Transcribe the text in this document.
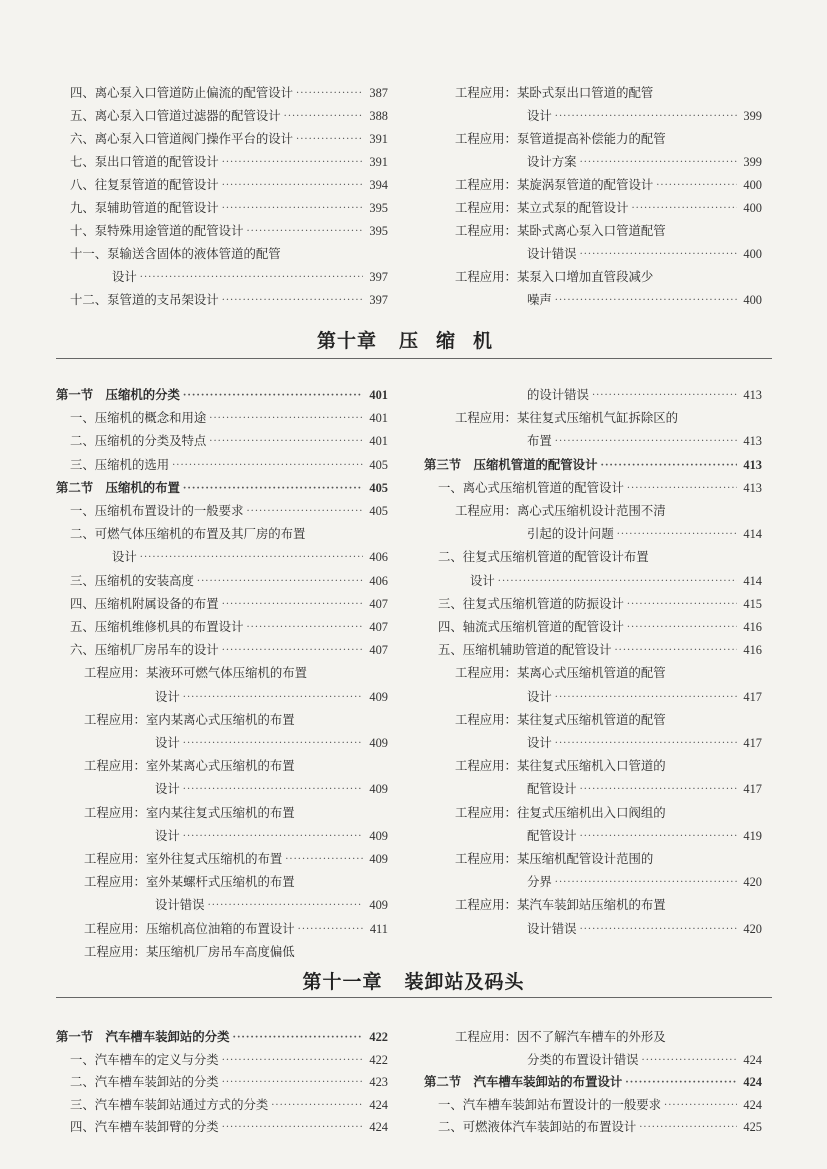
四、离心泵入口管道防止偏流的配管设计 ·····	387
五、离心泵入口管道过滤器的配管设计 ·····	388
六、离心泵入口管道阀门操作平台的设计 ·····	391
七、泵出口管道的配管设计 ·····	391
八、往复泵管道的配管设计 ·····	394
九、泵辅助管道的配管设计 ·····	395
十、泵特殊用途管道的配管设计 ·····	395
十一、泵输送含固体的液体管道的配管
设计 ·····	397
十二、泵管道的支吊架设计 ·····	397
工程应用：某卧式泵出口管道的配管
设计 ·····	399
工程应用：泵管道提高补偿能力的配管
设计方案 ·····	399
工程应用：某旋涡泵管道的配管设计 ·····	400
工程应用：某立式泵的配管设计 ·····	400
工程应用：某卧式离心泵入口管道配管
设计错误 ·····	400
工程应用：某泵入口增加直管段减少
噪声 ·····	400
第一节　压缩机的分类 ·····	401
一、压缩机的概念和用途 ·····	401
二、压缩机的分类及特点 ·····	401
三、压缩机的选用 ·····	405
第二节　压缩机的布置 ·····	405
一、压缩机布置设计的一般要求 ·····	405
二、可燃气体压缩机的布置及其厂房的布置
设计 ·····	406
三、压缩机的安装高度 ·····	406
四、压缩机附属设备的布置 ·····	407
五、压缩机维修机具的布置设计 ·····	407
六、压缩机厂房吊车的设计 ·····	407
工程应用：某液环可燃气体压缩机的布置
设计 ·····	409
工程应用：室内某离心式压缩机的布置
设计 ·····	409
工程应用：室外某离心式压缩机的布置
设计 ·····	409
工程应用：室内某往复式压缩机的布置
设计 ·····	409
工程应用：室外往复式压缩机的布置 ·····	409
工程应用：室外某螺杆式压缩机的布置
设计错误 ·····	409
工程应用：压缩机高位油箱的布置设计 ·····	411
工程应用：某压缩机厂房吊车高度偏低
的设计错误 ·····	413
工程应用：某往复式压缩机气缸拆除区的
布置 ·····	413
第三节　压缩机管道的配管设计 ·····	413
一、离心式压缩机管道的配管设计 ·····	413
工程应用：离心式压缩机设计范围不清
引起的设计问题 ·····	414
二、往复式压缩机管道的配管设计布置
设计 ·····	414
三、往复式压缩机管道的防振设计 ·····	415
四、轴流式压缩机管道的配管设计 ·····	416
五、压缩机辅助管道的配管设计 ·····	416
工程应用：某离心式压缩机管道的配管
设计 ·····	417
工程应用：某往复式压缩机管道的配管
设计 ·····	417
工程应用：某往复式压缩机入口管道的
配管设计 ·····	417
工程应用：往复式压缩机出入口阀组的
配管设计 ·····	419
工程应用：某压缩机配管设计范围的
分界 ·····	420
工程应用：某汽车装卸站压缩机的布置
设计错误 ·····	420
第一节　汽车槽车装卸站的分类 ·····	422
一、汽车槽车的定义与分类 ·····	422
二、汽车槽车装卸站的分类 ·····	423
三、汽车槽车装卸站通过方式的分类 ·····	424
四、汽车槽车装卸臂的分类 ·····	424
工程应用：因不了解汽车槽车的外形及
分类的布置设计错误 ·····	424
第二节　汽车槽车装卸站的布置设计 ·····	424
一、汽车槽车装卸站布置设计的一般要求 ·····	424
二、可燃液体汽车装卸站的布置设计 ·····	425
第十章 压缩机
第十一章 装卸站及码头
